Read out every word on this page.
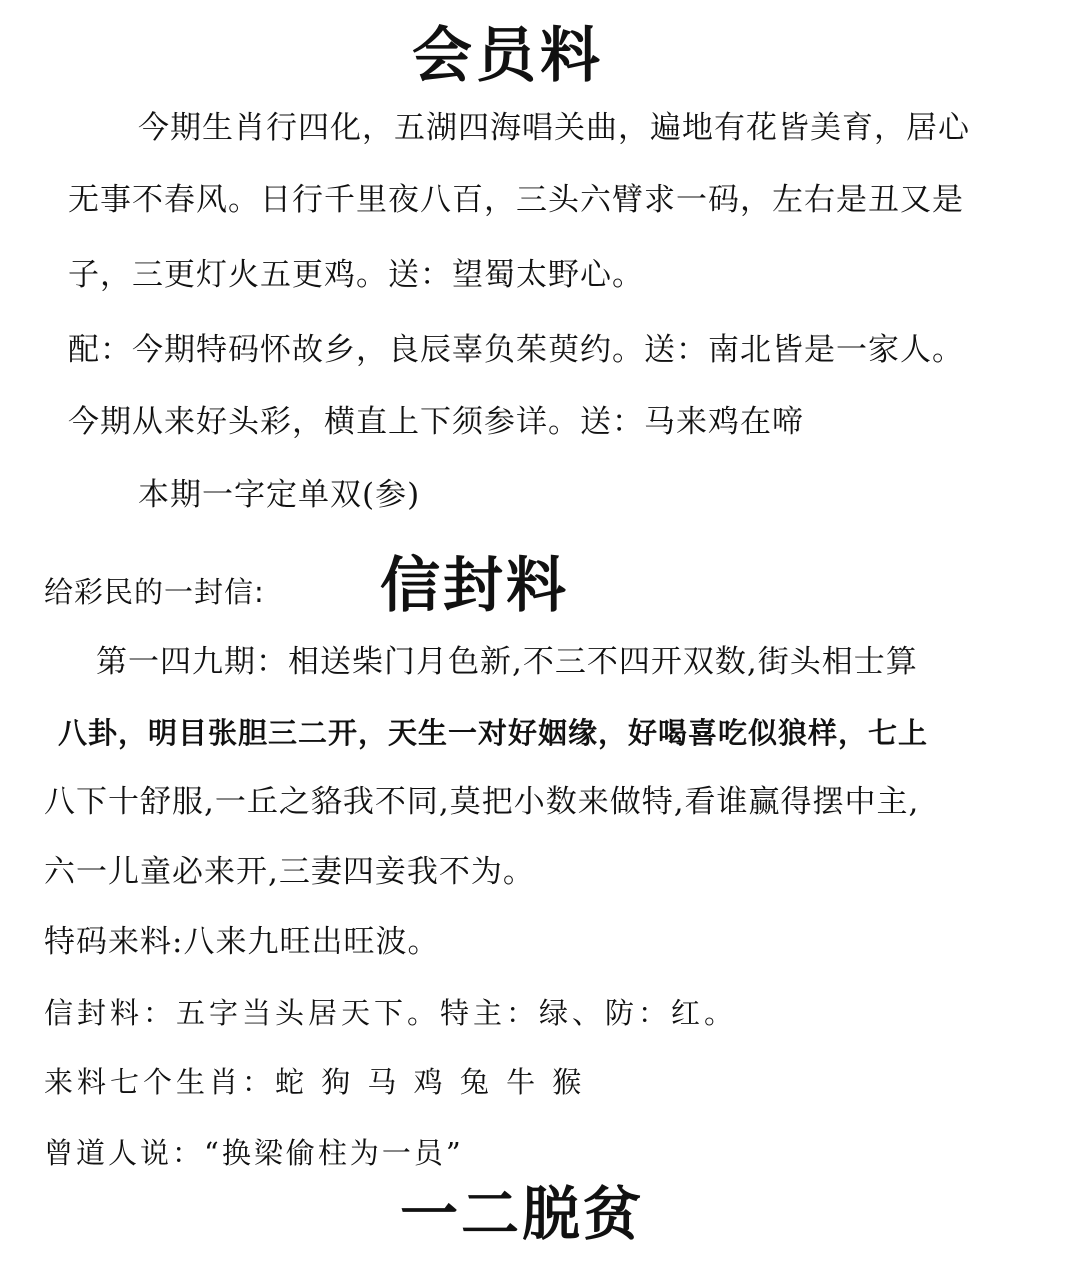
会员料
今期生肖行四化，五湖四海唱关曲，遍地有花皆美育，居心
无事不春风。日行千里夜八百，三头六臂求一码，左右是丑又是
子，三更灯火五更鸡。送：望蜀太野心。
配：今期特码怀故乡，良辰辜负茱萸约。送：南北皆是一家人。
今期从来好头彩，横直上下须参详。送：马来鸡在啼
本期一字定单双(参)
给彩民的一封信: 信封料
第一四九期：相送柴门月色新,不三不四开双数,街头相士算
八卦，明目张胆三二开，天生一对好姻缘，好喝喜吃似狼样，七上
八下十舒服,一丘之貉我不同,莫把小数来做特,看谁赢得摆中主,
六一儿童必来开,三妻四妾我不为。
特码来料:八来九旺出旺波。
信封料：五字当头居天下。特主：绿、防：红。
来料七个生肖：蛇 狗 马 鸡 兔 牛 猴
曾道人说：“换梁偷柱为一员”
一二脱贫
